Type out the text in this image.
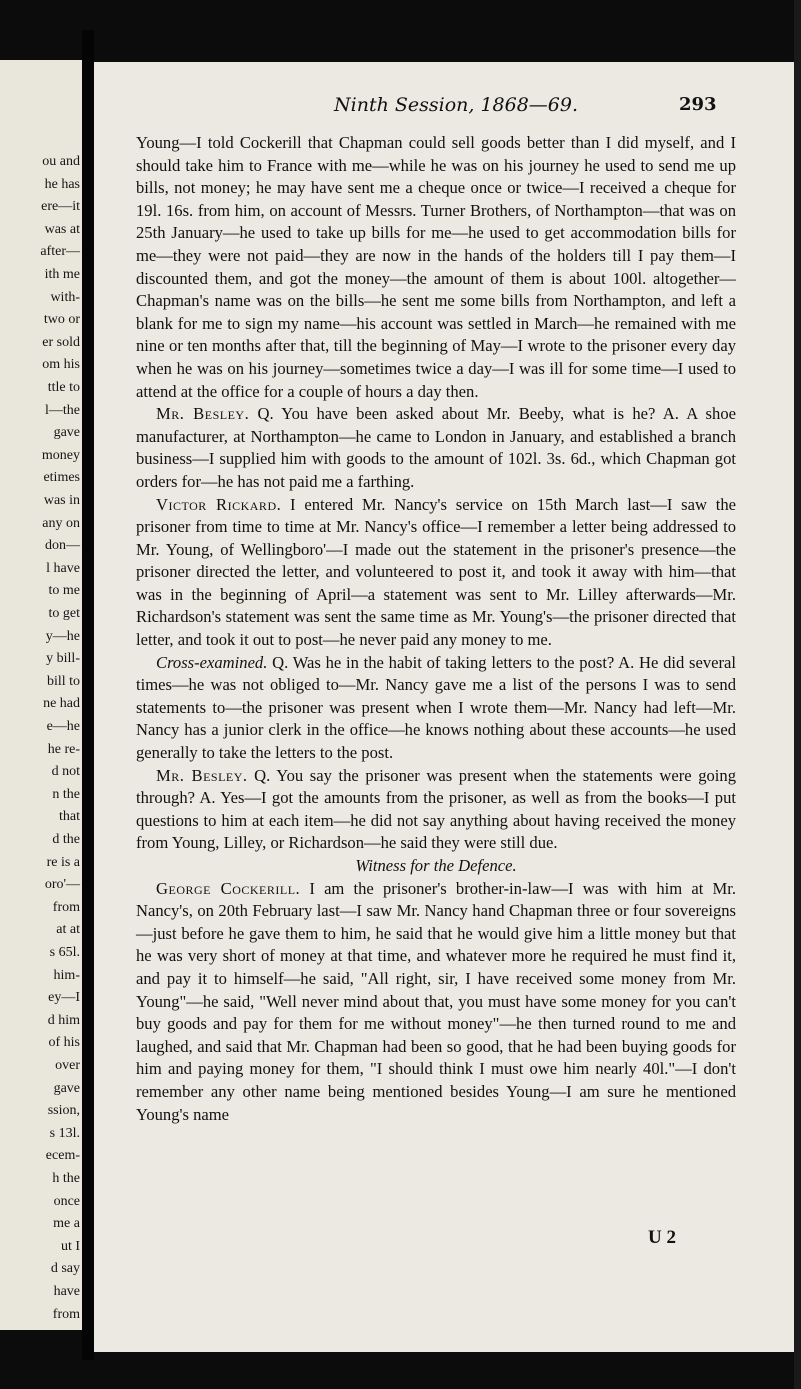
ou and
he has
ere—it
was at
after—
ith me
with-
two or
er sold
om his
ttle to
l—the
gave
money
etimes
was in
any on
don—
l have
to me
to get
y—he
y bill-
bill to
ne had
e—he
he re-
d not
n the
that
d the
re is a
oro'—
from
at at
s 65l.
him-
ey—I
d him
of his
over
gave
ssion,
s 13l.
ecem-
h the
once
me a
ut I
d say
have
from
Ninth Session, 1868—69.	293

Young—I told Cockerill that Chapman could sell goods better than I did myself, and I should take him to France with me—while he was on his journey he used to send me up bills, not money; he may have sent me a cheque once or twice—I received a cheque for 19l. 16s. from him, on account of Messrs. Turner Brothers, of Northampton—that was on 25th January—he used to take up bills for me—he used to get accommodation bills for me—they were not paid—they are now in the hands of the holders till I pay them—I discounted them, and got the money—the amount of them is about 100l. altogether—Chapman's name was on the bills—he sent me some bills from Northampton, and left a blank for me to sign my name—his account was settled in March—he remained with me nine or ten months after that, till the beginning of May—I wrote to the prisoner every day when he was on his journey—sometimes twice a day—I was ill for some time—I used to attend at the office for a couple of hours a day then.

Mr. Besley. Q. You have been asked about Mr. Beeby, what is he? A. A shoe manufacturer, at Northampton—he came to London in January, and established a branch business—I supplied him with goods to the amount of 102l. 3s. 6d., which Chapman got orders for—he has not paid me a farthing.

Victor Rickard. I entered Mr. Nancy's service on 15th March last—I saw the prisoner from time to time at Mr. Nancy's office—I remember a letter being addressed to Mr. Young, of Wellingboro'—I made out the statement in the prisoner's presence—the prisoner directed the letter, and volunteered to post it, and took it away with him—that was in the beginning of April—a statement was sent to Mr. Lilley afterwards—Mr. Richardson's statement was sent the same time as Mr. Young's—the prisoner directed that letter, and took it out to post—he never paid any money to me.

Cross-examined. Q. Was he in the habit of taking letters to the post? A. He did several times—he was not obliged to—Mr. Nancy gave me a list of the persons I was to send statements to—the prisoner was present when I wrote them—Mr. Nancy had left—Mr. Nancy has a junior clerk in the office—he knows nothing about these accounts—he used generally to take the letters to the post.

Mr. Besley. Q. You say the prisoner was present when the statements were going through? A. Yes—I got the amounts from the prisoner, as well as from the books—I put questions to him at each item—he did not say anything about having received the money from Young, Lilley, or Richardson—he said they were still due.

Witness for the Defence.

George Cockerill. I am the prisoner's brother-in-law—I was with him at Mr. Nancy's, on 20th February last—I saw Mr. Nancy hand Chapman three or four sovereigns—just before he gave them to him, he said that he would give him a little money but that he was very short of money at that time, and whatever more he required he must find it, and pay it to himself—he said, "All right, sir, I have received some money from Mr. Young"—he said, "Well never mind about that, you must have some money for you can't buy goods and pay for them for me without money"—he then turned round to me and laughed, and said that Mr. Chapman had been so good, that he had been buying goods for him and paying money for them, "I should think I must owe him nearly 40l."—I don't remember any other name being mentioned besides Young—I am sure he mentioned Young's name

U 2
